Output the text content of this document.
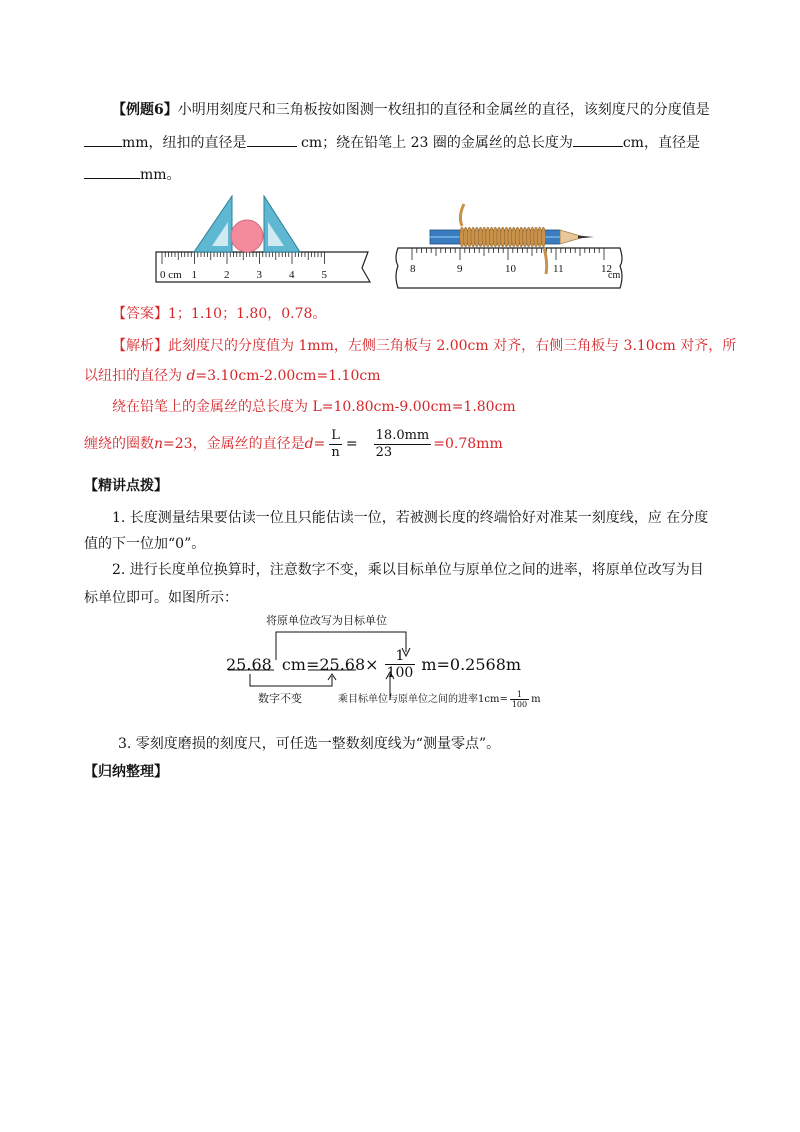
【例题6】小明用刻度尺和三角板按如图测一枚纽扣的直径和金属丝的直径，该刻度尺的分度值是
mm，纽扣的直径是	cm；绕在铅笔上 23 圈的金属丝的总长度为	cm，直径是
mm。
0 cm 1 2 3 4 5	8	9	10	11	12
cm
【答案】1；1.10；1.80，0.78。
【解析】此刻度尺的分度值为 1mm，左侧三角板与 2.00cm 对齐，右侧三角板与 3.10cm 对齐，所
以纽扣的直径为 d=3.10cm-2.00cm=1.10cm
绕在铅笔上的金属丝的总长度为 L=10.80cm-9.00cm=1.80cm
缠绕的圈数 n =23，金属丝的直径是 $d = \frac{L}{n} = \frac{18.0mm}{23} =0.78mm$
【精讲点拨】
1. 长度测量结果要估读一位且只能估读一位，若被测长度的终端恰好对准某一刻度线，应 在分度
值的下一位加“0”。
2. 进行长度单位换算时，注意数字不变，乘以目标单位与原单位之间的进率，将原单位改写为目
标单位即可。如图所示：
将原单位改写为目标单位
25.68 $cm= 25.68 \times \frac{1}{100} m=0.2568m$
数字不变	乘目标单位与原单位之间的进率$1cm= \frac{1}{100}$ m
3. 零刻度磨损的刻度尺，可任选一整数刻度线为“测量零点”。
【归纳整理】
